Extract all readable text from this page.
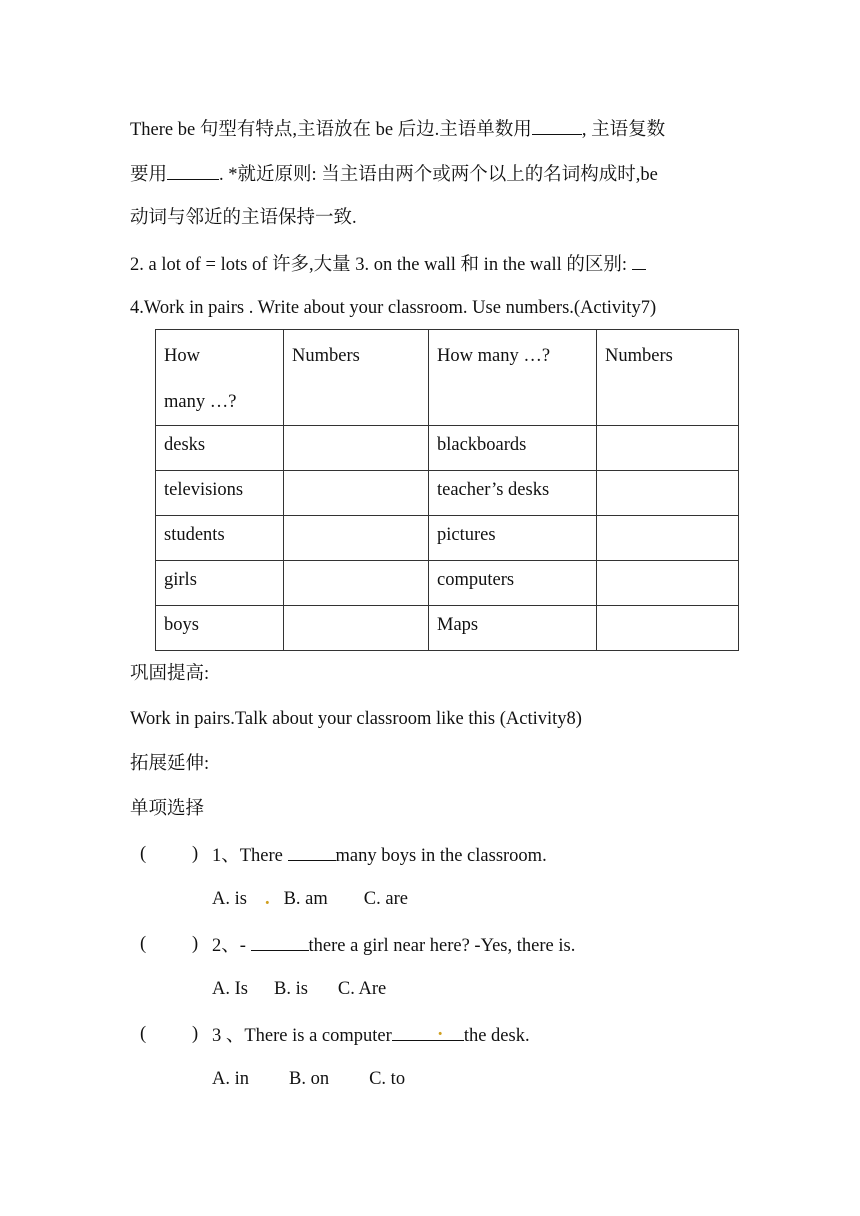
There be 句型有特点,主语放在 be 后边.主语单数用	, 主语复数
要用	. *就近原则: 当主语由两个或两个以上的名词构成时,be
动词与邻近的主语保持一致.
2. a lot of = lots of 许多,大量 3. on the wall 和 in the wall 的区别:
4.Work in pairs . Write about your classroom. Use numbers.(Activity7)
How many …?	Numbers	How many …?	Numbers

desks		blackboards	
televisions		teacher’s desks	
students		pictures	
girls		computers	
boys		Maps	
巩固提高:
Work in pairs.Talk about your classroom like this (Activity8)
拓展延伸:
单项选择
( ) 1、There	many boys in the classroom.
A. is . B. am C. are
( ) 2、-	there a girl near here? -Yes, there is.
A. Is B. is C. Are
( ) 3 、There is a computer . the desk.
A. in B. on C. to
